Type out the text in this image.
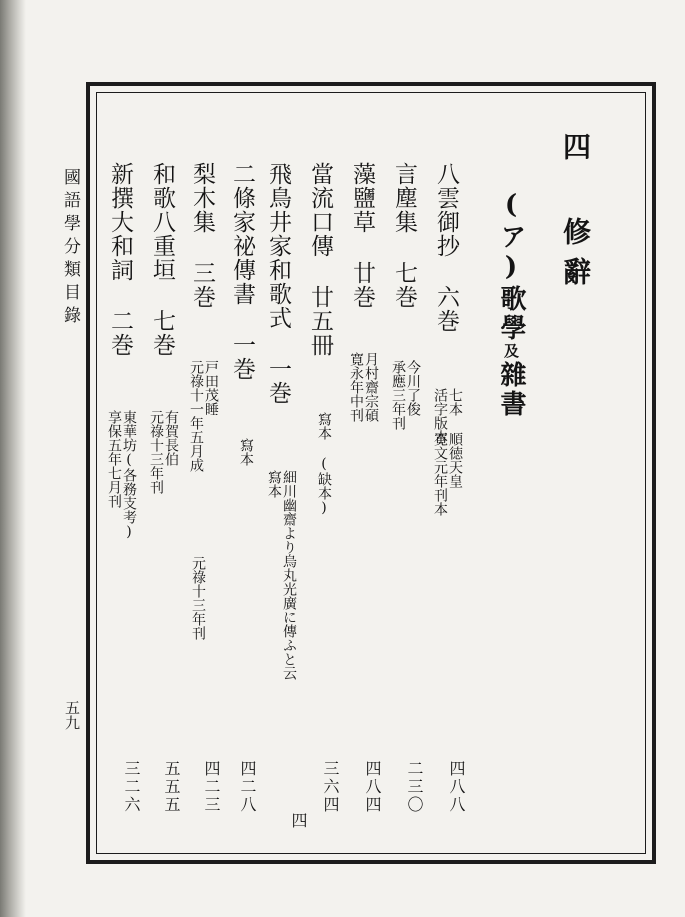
國語學分類目錄
五九
四 修辭
(ア)歌學及雜書
八雲御抄 六巻
七本
活字版本
順徳天皇
寛文元年刊本
四八八
言塵集 七巻
今川了俊
承應三年刊
二三〇
藻鹽草 廿巻
月村齋宗碩
寛永年中刊
四八四
當流口傳 廿五冊
寫本 (缺本)
三六四
飛鳥井家和歌式 一巻
細川幽齋より烏丸光廣に傳ふと云
寫本
四
二條家祕傳書 一巻
寫本
四二八
梨木集 三巻
戸田茂睡
元祿十一年五月成
元祿十三年刊
四二三
和歌八重垣 七巻
有賀長伯
元祿十三年刊
五五五
新撰大和詞 二巻
東華坊(各務支考)
享保五年七月刊
三二六
